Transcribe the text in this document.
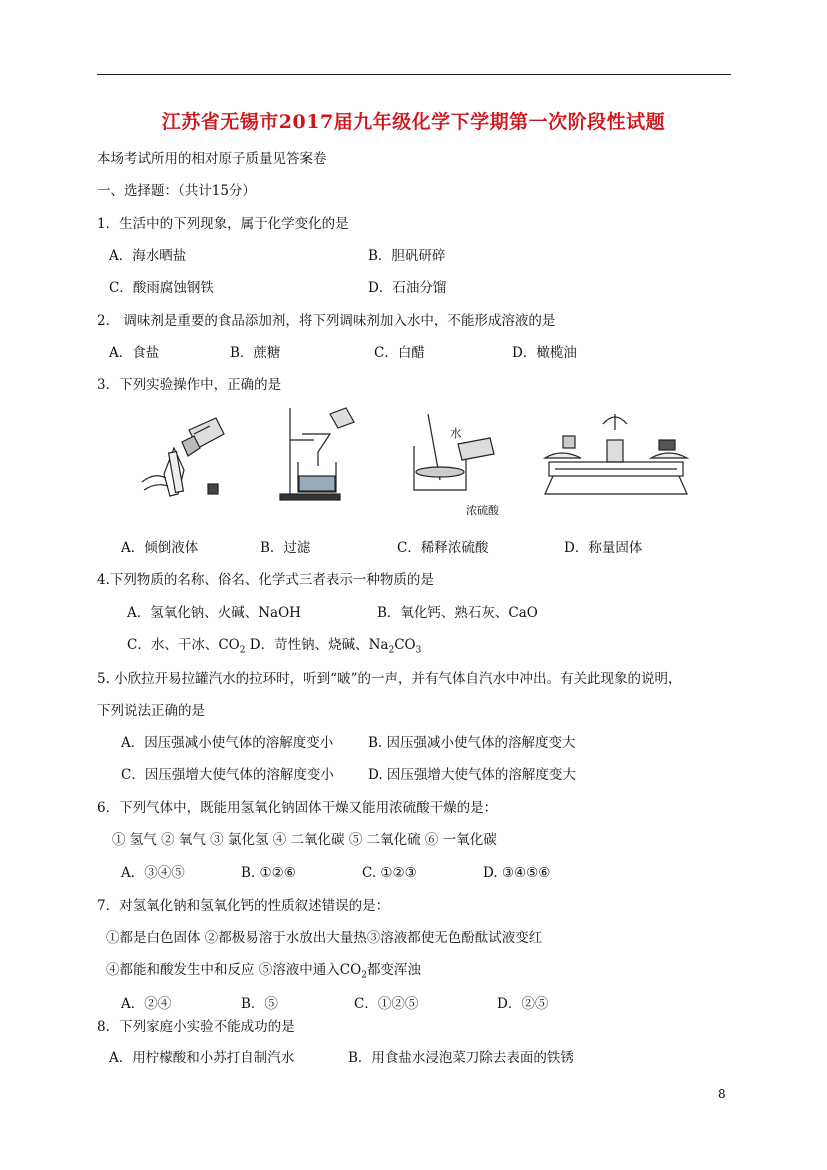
江苏省无锡市2017届九年级化学下学期第一次阶段性试题
本场考试所用的相对原子质量见答案卷
一、选择题：（共计15分）
1．生活中的下列现象，属于化学变化的是
A．海水晒盐	B．胆矾研碎
C．酸雨腐蚀钢铁	D．石油分馏
2． 调味剂是重要的食品添加剂，将下列调味剂加入水中，不能形成溶液的是
A．食盐	B．蔗糖	C．白醋	D．橄榄油
3．下列实验操作中，正确的是
水
浓硫酸
A．倾倒液体	B．过滤	C．稀释浓硫酸	D．称量固体
4.下列物质的名称、俗名、化学式三者表示一种物质的是
A．氢氧化钠、火碱、NaOH	B．氧化钙、熟石灰、CaO
C．水、干冰、$CO_2$ D．苛性钠、烧碱、$Na_2CO_3$
5. 小欣拉开易拉罐汽水的拉环时，听到“啵”的一声，并有气体自汽水中冲出。有关此现象的说明，
下列说法正确的是
A．因压强减小使气体的溶解度变小	B. 因压强减小使气体的溶解度变大
C．因压强增大使气体的溶解度变小	D. 因压强增大使气体的溶解度变大
6．下列气体中，既能用氢氧化钠固体干燥又能用浓硫酸干燥的是：
① 氢气 ② 氧气 ③ 氯化氢 ④ 二氧化碳 ⑤ 二氧化硫 ⑥ 一氧化碳
A．③④⑤	B. ①②⑥	C. ①②③	D. ③④⑤⑥
7．对氢氧化钠和氢氧化钙的性质叙述错误的是：
①都是白色固体 ②都极易溶于水放出大量热③溶液都使无色酚酞试液变红
④都能和酸发生中和反应 ⑤溶液中通入$CO_2$都变浑浊
A．②④	B．⑤	C．①②⑤	D．②⑤
8．下列家庭小实验不能成功的是
A．用柠檬酸和小苏打自制汽水	B．用食盐水浸泡菜刀除去表面的铁锈
8
